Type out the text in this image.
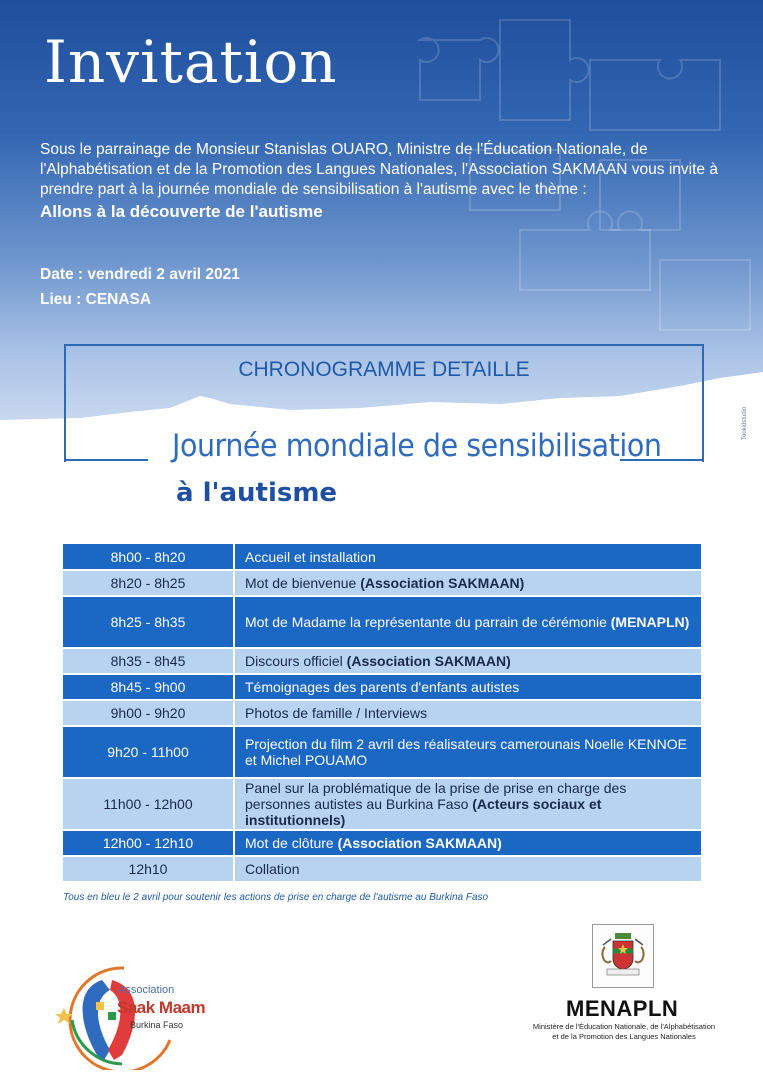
Invitation
Sous le parrainage de Monsieur Stanislas OUARO, Ministre de l'Éducation Nationale, de l'Alphabétisation et de la Promotion des Langues Nationales, l'Association SAKMAAN vous invite à prendre part à la journée mondiale de sensibilisation à l'autisme avec le thème :
Allons à la découverte de l'autisme
Date : vendredi 2 avril 2021
Lieu : CENASA
CHRONOGRAMME DETAILLE
Journée mondiale de sensibilisation
à l'autisme
Tookidstudio
8h00 - 8h20	Accueil et installation
8h20 - 8h25	Mot de bienvenue (Association SAKMAAN)
8h25 - 8h35	Mot de Madame la représentante du parrain de cérémonie (MENAPLN)
8h35 - 8h45	Discours officiel (Association SAKMAAN)
8h45 - 9h00	Témoignages des parents d'enfants autistes
9h00 - 9h20	Photos de famille / Interviews
9h20 - 11h00	Projection du film 2 avril des réalisateurs camerounais Noelle KENNOE et Michel POUAMO
11h00 - 12h00	Panel sur la problématique de la prise de prise en charge des personnes autistes au Burkina Faso (Acteurs sociaux et institutionnels)
12h00 - 12h10	Mot de clôture (Association SAKMAAN)
12h10	Collation
Tous en bleu le 2 avril pour soutenir les actions de prise en charge de l'autisme au Burkina Faso
Association
Saak Maam
Burkina Faso
MENAPLN
Ministère de l'Éducation Nationale, de l'Alphabétisation et de la Promotion des Langues Nationales
